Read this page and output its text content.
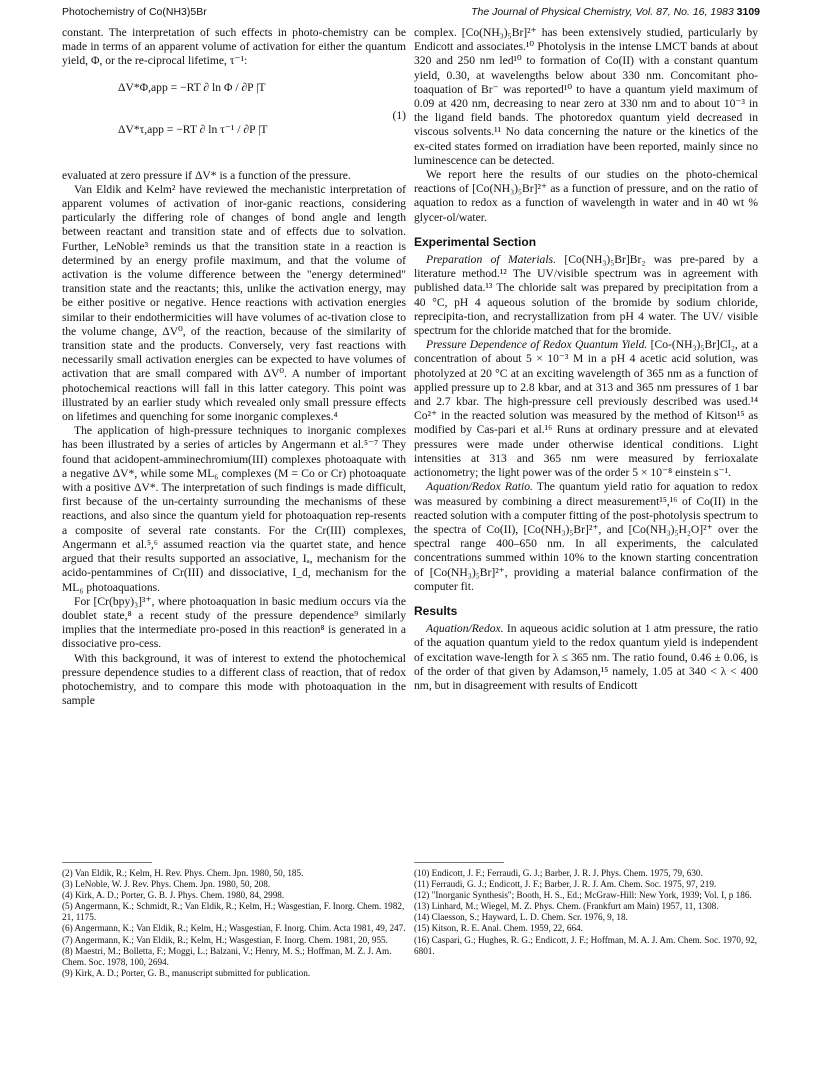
Photochemistry of Co(NH3)5Br	The Journal of Physical Chemistry, Vol. 87, No. 16, 1983 3109

constant. The interpretation of such effects in photo-chemistry can be made in terms of an apparent volume of activation for either the quantum yield, Φ, or the re-ciprocal lifetime, τ⁻¹:

ΔV*Φ,app = −RT ∂ ln Φ / ∂P |T
ΔV*τ,app = −RT ∂ ln τ⁻¹ / ∂P |T
(1)

evaluated at zero pressure if ΔV* is a function of the pressure.

Van Eldik and Kelm² have reviewed the mechanistic interpretation of apparent volumes of activation of inor-ganic reactions, considering particularly the differing role of changes of bond angle and length between reactant and transition state and of effects due to solvation. Further, LeNoble³ reminds us that the transition state in a reaction is determined by an energy profile maximum, and that the volume of activation is the volume difference between the "energy determined" transition state and the reactants; this, unlike the activation energy, may be either positive or negative. Hence reactions with activation energies similar to their endothermicities will have volumes of ac-tivation close to the volume change, ΔV⁰, of the reaction, because of the similarity of transition state and the products. Conversely, very fast reactions with necessarily small activation energies can be expected to have volumes of activation that are small compared with ΔV⁰. A number of important photochemical reactions will fall in this latter category. This point was illustrated by an earlier study which revealed only small pressure effects on lifetimes and quenching for some inorganic complexes.⁴

The application of high-pressure techniques to inorganic complexes has been illustrated by a series of articles by Angermann et al.⁵⁻⁷ They found that acidopent-amminechromium(III) complexes photoaquate with a negative ΔV*, while some ML₆ complexes (M = Co or Cr) photoaquate with a positive ΔV*. The interpretation of such findings is made difficult, first because of the un-certainty surrounding the mechanisms of these reactions, and also since the quantum yield for photoaquation rep-resents a composite of several rate constants. For the Cr(III) complexes, Angermann et al.⁵,⁶ assumed reaction via the quartet state, and hence argued that their results supported an associative, Iₐ, mechanism for the acido-pentammines of Cr(III) and dissociative, I_d, mechanism for the ML₆ photoaquations.

For [Cr(bpy)₃]³⁺, where photoaquation in basic medium occurs via the doublet state,⁸ a recent study of the pressure dependence⁹ similarly implies that the intermediate pro-posed in this reaction⁸ is generated in a dissociative pro-cess.

With this background, it was of interest to extend the photochemical pressure dependence studies to a different class of reaction, that of redox photochemistry, and to compare this mode with photoaquation in the sample

complex. [Co(NH₃)₅Br]²⁺ has been extensively studied, particularly by Endicott and associates.¹⁰ Photolysis in the intense LMCT bands at about 320 and 250 nm led¹⁰ to formation of Co(II) with a constant quantum yield, 0.30, at wavelengths below about 330 nm. Concomitant pho-toaquation of Br⁻ was reported¹⁰ to have a quantum yield maximum of 0.09 at 420 nm, decreasing to near zero at 330 nm and to about 10⁻³ in the ligand field bands. The photoredox quantum yield decreased in viscous solvents.¹¹ No data concerning the nature or the kinetics of the ex-cited states formed on irradiation have been reported, mainly since no luminescence can be detected.

We report here the results of our studies on the photo-chemical reactions of [Co(NH₃)₅Br]²⁺ as a function of pressure, and on the ratio of aquation to redox as a function of wavelength in water and in 40 wt % glycer-ol/water.

Experimental Section

Preparation of Materials. [Co(NH₃)₅Br]Br₂ was pre-pared by a literature method.¹² The UV/visible spectrum was in agreement with published data.¹³ The chloride salt was prepared by precipitation from a 40 °C, pH 4 aqueous solution of the bromide by sodium chloride, reprecipita-tion, and recrystallization from pH 4 water. The UV/ visible spectrum for the chloride matched that for the bromide.

Pressure Dependence of Redox Quantum Yield. [Co-(NH₃)₅Br]Cl₂, at a concentration of about 5 × 10⁻³ M in a pH 4 acetic acid solution, was photolyzed at 20 °C at an exciting wavelength of 365 nm as a function of applied pressure up to 2.8 kbar, and at 313 and 365 nm pressures of 1 bar and 2.7 kbar. The high-pressure cell previously described was used.¹⁴ Co²⁺ in the reacted solution was measured by the method of Kitson¹⁵ as modified by Cas-pari et al.¹⁶ Runs at ordinary pressure and at elevated pressures were made under otherwise identical conditions. Light intensities at 313 and 365 nm were measured by ferrioxalate actionometry; the light power was of the order 5 × 10⁻⁸ einstein s⁻¹.

Aquation/Redox Ratio. The quantum yield ratio for aquation to redox was measured by combining a direct measurement¹⁵,¹⁶ of Co(II) in the reacted solution with a computer fitting of the post-photolysis spectrum to the spectra of Co(II), [Co(NH₃)₅Br]²⁺, and [Co(NH₃)₅H₂O]²⁺ over the spectral range 400–650 nm. In all experiments, the calculated concentrations summed within 10% to the known starting concentration of [Co(NH₃)₅Br]²⁺, providing a material balance confirmation of the computer fit.

Results

Aquation/Redox. In aqueous acidic solution at 1 atm pressure, the ratio of the aquation quantum yield to the redox quantum yield is independent of excitation wave-length for λ ≤ 365 nm. The ratio found, 0.46 ± 0.06, is of the order of that given by Adamson,¹⁵ namely, 1.05 at 340 < λ < 400 nm, but in disagreement with results of Endicott

(2) Van Eldik, R.; Kelm, H. Rev. Phys. Chem. Jpn. 1980, 50, 185.

(3) LeNoble, W. J. Rev. Phys. Chem. Jpn. 1980, 50, 208.

(4) Kirk, A. D.; Porter, G. B. J. Phys. Chem. 1980, 84, 2998.

(5) Angermann, K.; Schmidt, R.; Van Eldik, R.; Kelm, H.; Wasgestian, F. Inorg. Chem. 1982, 21, 1175.

(6) Angermann, K.; Van Eldik, R.; Kelm, H.; Wasgestian, F. Inorg. Chim. Acta 1981, 49, 247.

(7) Angermann, K.; Van Eldik, R.; Kelm, H.; Wasgestian, F. Inorg. Chem. 1981, 20, 955.

(8) Maestri, M.; Bolletta, F.; Moggi, L.; Balzani, V.; Henry, M. S.; Hoffman, M. Z. J. Am. Chem. Soc. 1978, 100, 2694.

(9) Kirk, A. D.; Porter, G. B., manuscript submitted for publication.

(10) Endicott, J. F.; Ferraudi, G. J.; Barber, J. R. J. Phys. Chem. 1975, 79, 630.

(11) Ferraudi, G. J.; Endicott, J. F.; Barber, J. R. J. Am. Chem. Soc. 1975, 97, 219.

(12) "Inorganic Synthesis"; Booth, H. S., Ed.; McGraw-Hill: New York, 1939; Vol. I, p 186.

(13) Linhard, M.; Wiegel, M. Z. Phys. Chem. (Frankfurt am Main) 1957, 11, 1308.

(14) Claesson, S.; Hayward, L. D. Chem. Scr. 1976, 9, 18.

(15) Kitson, R. E. Anal. Chem. 1959, 22, 664.

(16) Caspari, G.; Hughes, R. G.; Endicott, J. F.; Hoffman, M. A. J. Am. Chem. Soc. 1970, 92, 6801.
